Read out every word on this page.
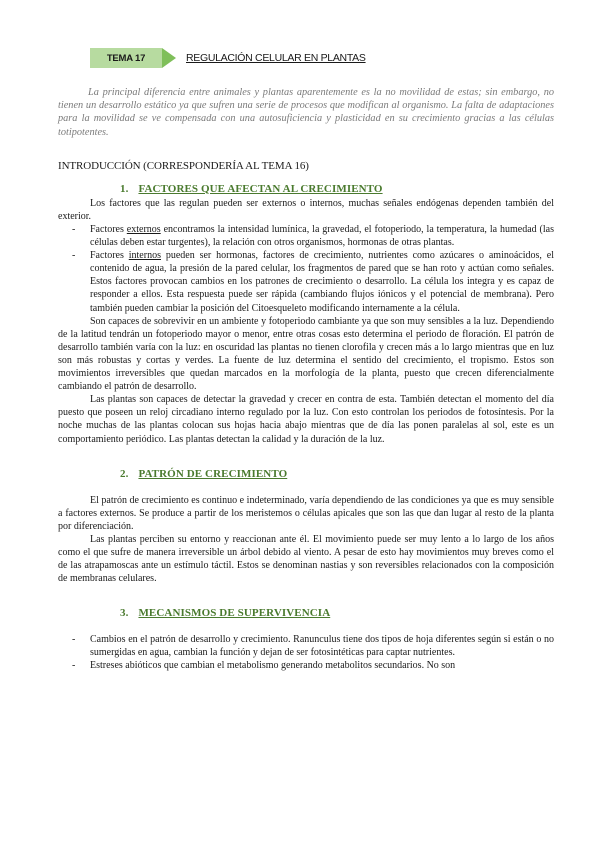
TEMA 17	REGULACIÓN CELULAR EN PLANTAS

La principal diferencia entre animales y plantas aparentemente es la no movilidad de estas; sin embargo, no tienen un desarrollo estático ya que sufren una serie de procesos que modifican al organismo. La falta de adaptaciones para la movilidad se ve compensada con una autosuficiencia y plasticidad en su crecimiento gracias a las células totipotentes.

INTRODUCCIÓN (CORRESPONDERÍA AL TEMA 16)
1. FACTORES QUE AFECTAN AL CRECIMIENTO

Los factores que las regulan pueden ser externos o internos, muchas señales endógenas dependen también del exterior.

- Factores externos encontramos la intensidad lumínica, la gravedad, el fotoperiodo, la temperatura, la humedad (las células deben estar turgentes), la relación con otros organismos, hormonas de otras plantas.
- Factores internos pueden ser hormonas, factores de crecimiento, nutrientes como azúcares o aminoácidos, el contenido de agua, la presión de la pared celular, los fragmentos de pared que se han roto y actúan como señales. Estos factores provocan cambios en los patrones de crecimiento o desarrollo. La célula los integra y es capaz de responder a ellos. Esta respuesta puede ser rápida (cambiando flujos iónicos y el potencial de membrana). Pero también pueden cambiar la posición del Citoesqueleto modificando internamente a la célula.

Son capaces de sobrevivir en un ambiente y fotoperiodo cambiante ya que son muy sensibles a la luz. Dependiendo de la latitud tendrán un fotoperiodo mayor o menor, entre otras cosas esto determina el periodo de floración. El patrón de desarrollo también varía con la luz: en oscuridad las plantas no tienen clorofila y crecen más a lo largo mientras que en luz son más robustas y cortas y verdes. La fuente de luz determina el sentido del crecimiento, el tropismo. Estos son movimientos irreversibles que quedan marcados en la morfología de la planta, puesto que crecen diferencialmente cambiando el patrón de desarrollo.

Las plantas son capaces de detectar la gravedad y crecer en contra de esta. También detectan el momento del día puesto que poseen un reloj circadiano interno regulado por la luz. Con esto controlan los periodos de fotosíntesis. Por la noche muchas de las plantas colocan sus hojas hacia abajo mientras que de día las ponen paralelas al sol, este es un comportamiento periódico. Las plantas detectan la calidad y la duración de la luz.

2. PATRÓN DE CRECIMIENTO

El patrón de crecimiento es continuo e indeterminado, varía dependiendo de las condiciones ya que es muy sensible a factores externos. Se produce a partir de los meristemos o células apicales que son las que dan lugar al resto de la planta por diferenciación.

Las plantas perciben su entorno y reaccionan ante él. El movimiento puede ser muy lento a lo largo de los años como el que sufre de manera irreversible un árbol debido al viento. A pesar de esto hay movimientos muy breves como el de las atrapamoscas ante un estímulo táctil. Estos se denominan nastias y son reversibles relacionados con la composición de membranas celulares.

3. MECANISMOS DE SUPERVIVENCIA
- Cambios en el patrón de desarrollo y crecimiento. Ranunculus tiene dos tipos de hoja diferentes según si están o no sumergidas en agua, cambian la función y dejan de ser fotosintéticas para captar nutrientes.
- Estreses abióticos que cambian el metabolismo generando metabolitos secundarios. No son
